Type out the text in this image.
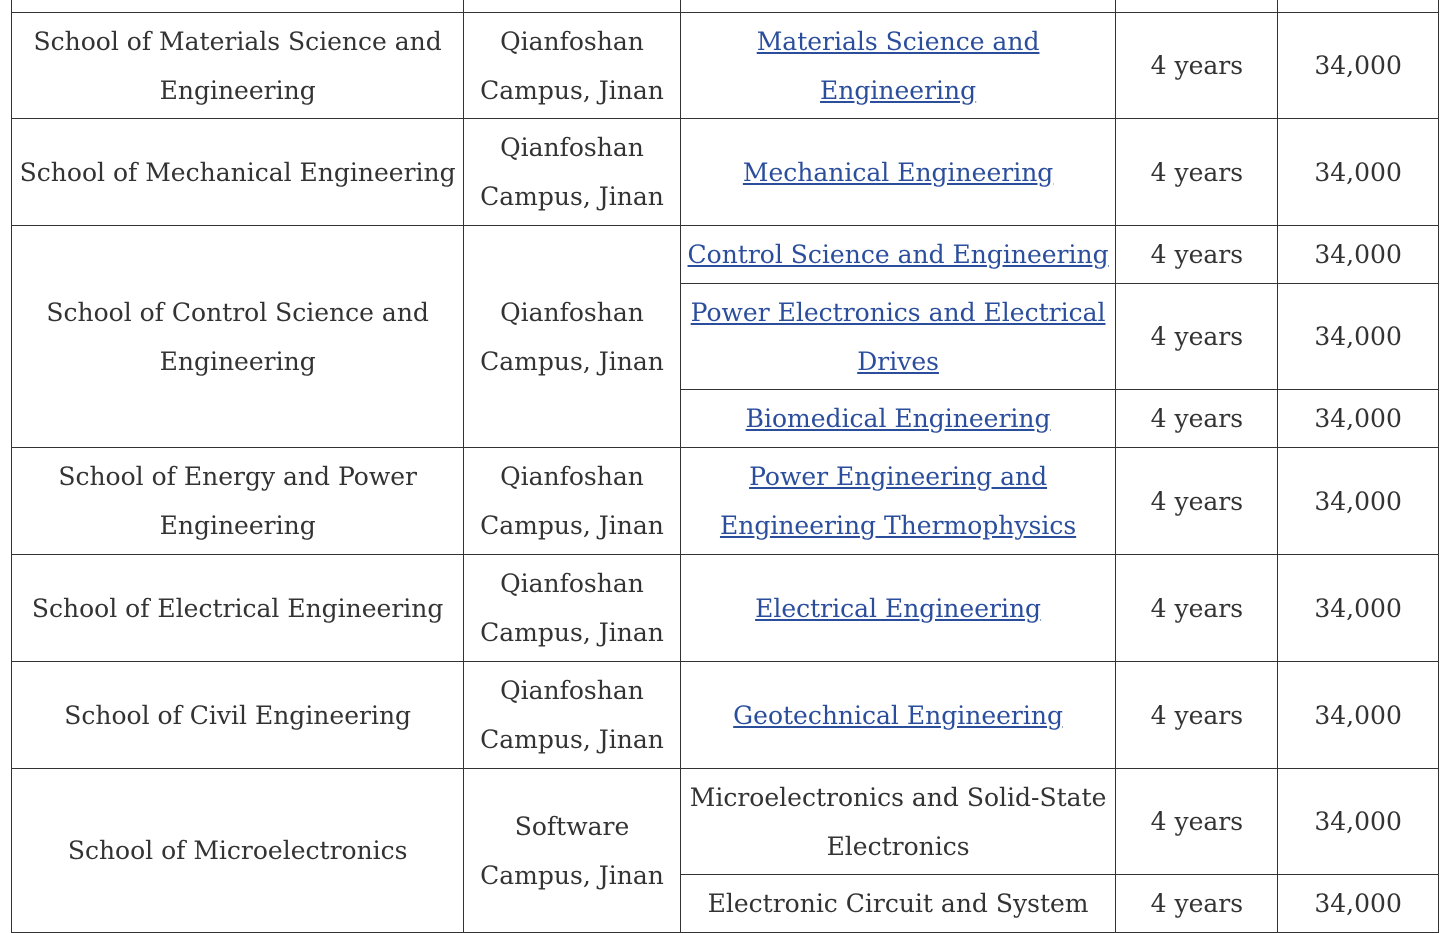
School of Materials Science and Engineering	Qianfoshan Campus, Jinan	Materials Science and Engineering	4 years	34,000
School of Mechanical Engineering	Qianfoshan Campus, Jinan	Mechanical Engineering	4 years	34,000
School of Control Science and Engineering	Qianfoshan Campus, Jinan	Control Science and Engineering	4 years	34,000
		Power Electronics and Electrical Drives	4 years	34,000
		Biomedical Engineering	4 years	34,000
School of Energy and Power Engineering	Qianfoshan Campus, Jinan	Power Engineering and Engineering Thermophysics	4 years	34,000
School of Electrical Engineering	Qianfoshan Campus, Jinan	Electrical Engineering	4 years	34,000
School of Civil Engineering	Qianfoshan Campus, Jinan	Geotechnical Engineering	4 years	34,000
School of Microelectronics	Software Campus, Jinan	Microelectronics and Solid-State Electronics	4 years	34,000
		Electronic Circuit and System	4 years	34,000
